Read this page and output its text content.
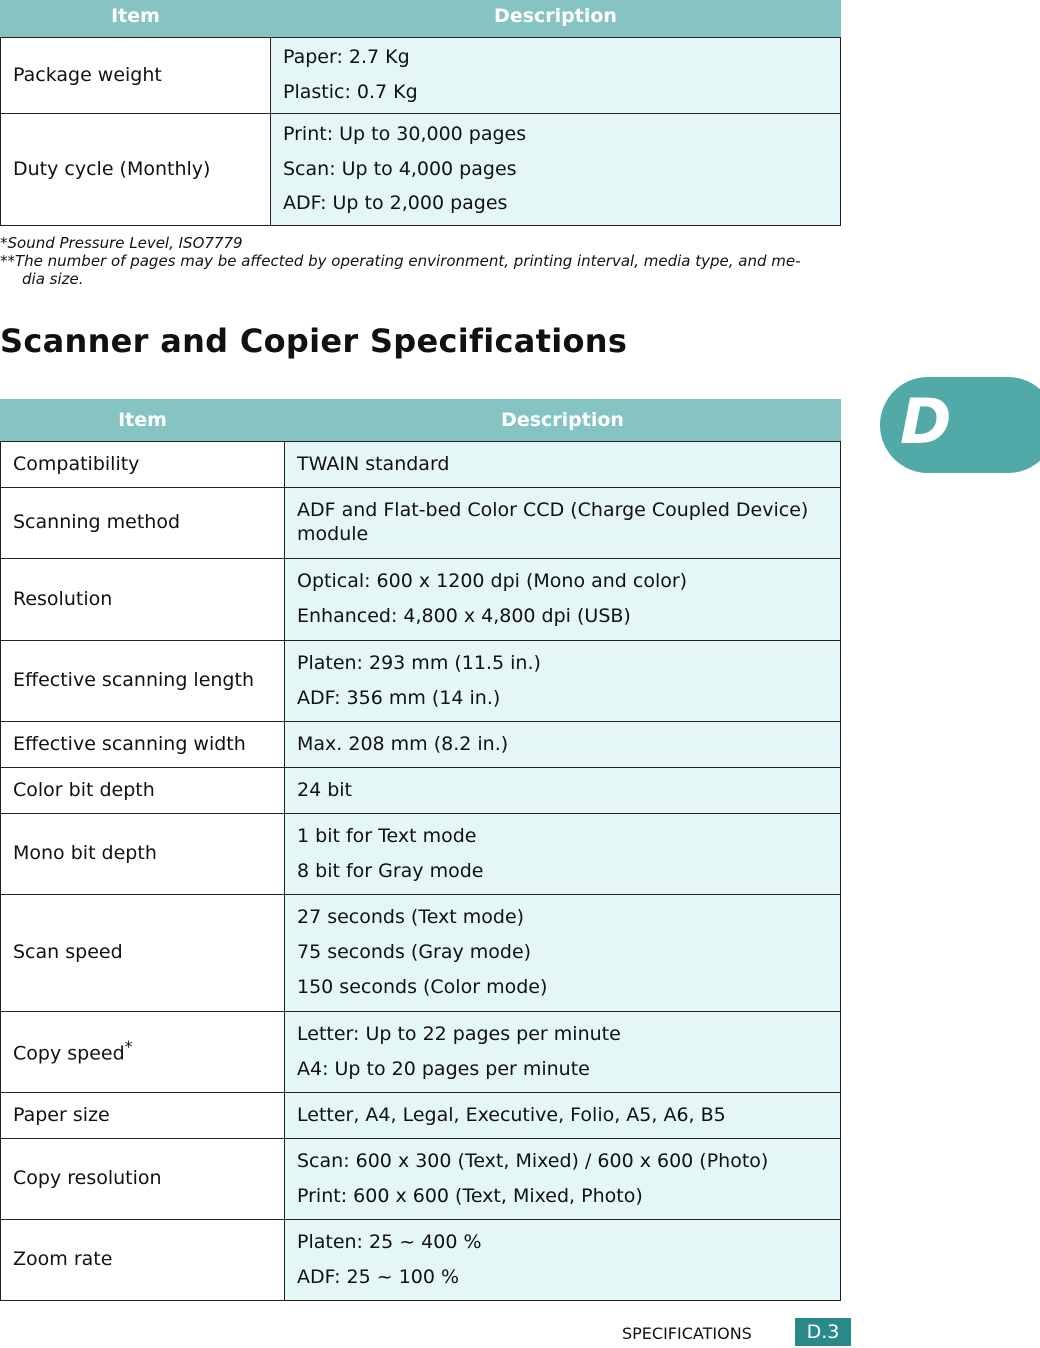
Item	Description
Package weight	Paper: 2.7 Kg
Plastic: 0.7 Kg

Duty cycle (Monthly)	Print: Up to 30,000 pages
Scan: Up to 4,000 pages
ADF: Up to 2,000 pages
*Sound Pressure Level, ISO7779
**The number of pages may be affected by operating environment, printing interval, media type, and me-
dia size.
Scanner and Copier Specifications
Item	Description
Compatibility	TWAIN standard

Scanning method	ADF and Flat-bed Color CCD (Charge Coupled Device) module

Resolution	Optical: 600 x 1200 dpi (Mono and color)
Enhanced: 4,800 x 4,800 dpi (USB)

Effective scanning length	Platen: 293 mm (11.5 in.)
ADF: 356 mm (14 in.)

Effective scanning width	Max. 208 mm (8.2 in.)

Color bit depth	24 bit

Mono bit depth	1 bit for Text mode
8 bit for Gray mode

Scan speed	27 seconds (Text mode)
75 seconds (Gray mode)
150 seconds (Color mode)

Copy speed*	Letter: Up to 22 pages per minute
A4: Up to 20 pages per minute

Paper size	Letter, A4, Legal, Executive, Folio, A5, A6, B5

Copy resolution	Scan: 600 x 300 (Text, Mixed) / 600 x 600 (Photo)
Print: 600 x 600 (Text, Mixed, Photo)

Zoom rate	Platen: 25 ~ 400 %
ADF: 25 ~ 100 %
D
SPECIFICATIONS	D.3
